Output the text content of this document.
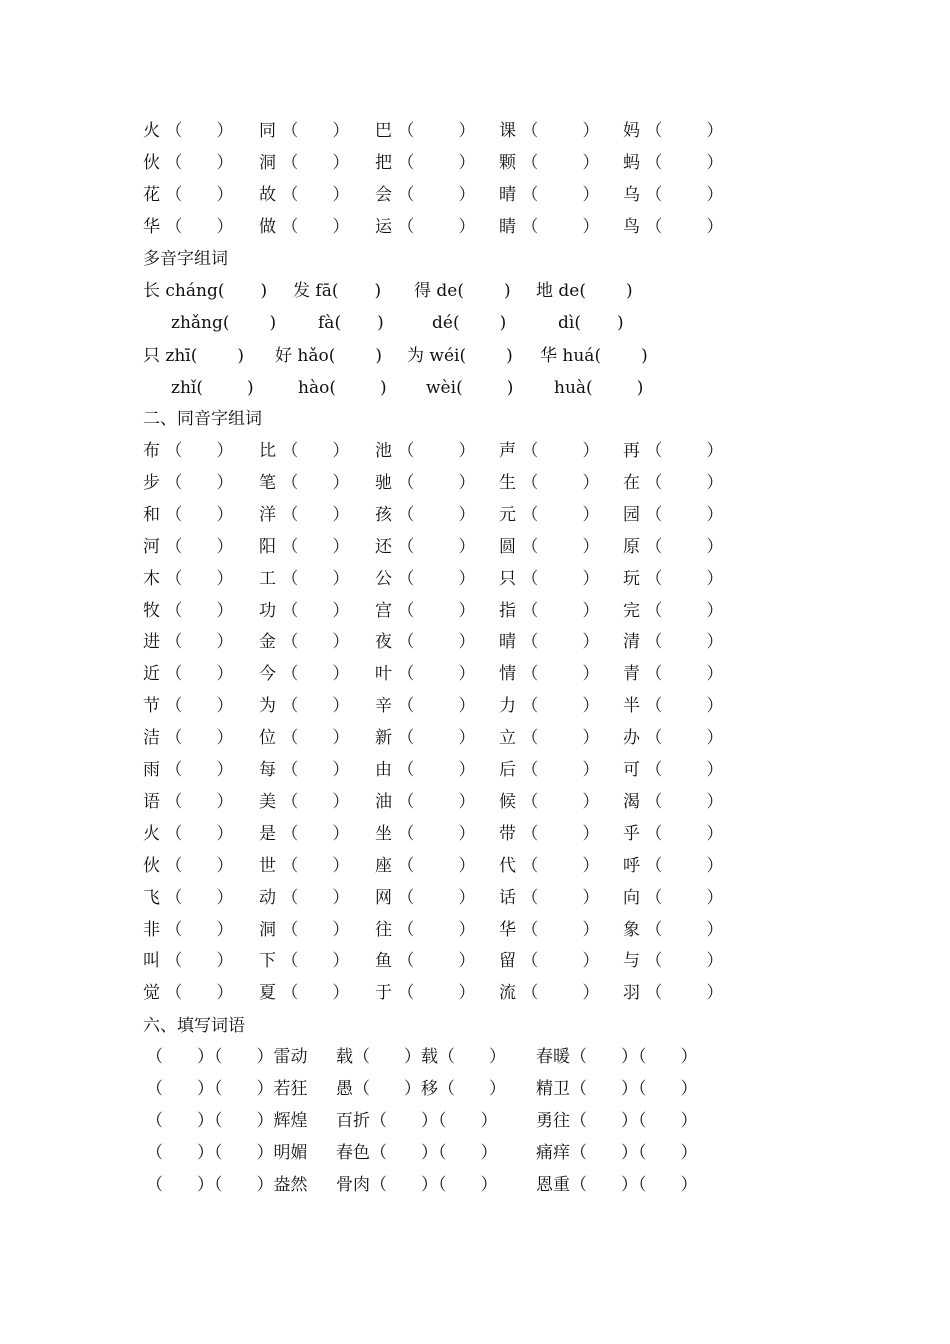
火 （ ） 同 （ ） 巴 （	） 课 （	） 妈 （	）
伙 （ ） 洞 （ ） 把 （	） 颗 （	） 蚂 （	）
花 （ ） 故 （ ） 会 （	） 晴 （	） 乌 （	）
华 （ ） 做 （ ） 运 （	） 睛 （	） 鸟 （	）
多音字组词
长 cháng( ) 发 fā( ) 得 de( ) 地 de( )
zhǎng( ) fà( )	dé( )	dì( )
只 zhī( ) 好 hǎo( ) 为 wéi( ) 华 huá( )
zhǐ(	)	hào(	) wèi(	) huà(	)
二、同音字组词
布 （ ） 比 （ ） 池 （	） 声 （	） 再 （	）
步 （ ） 笔 （ ） 驰 （	） 生 （	） 在 （	）
和 （ ） 洋 （ ） 孩 （	） 元 （	） 园 （	）
河 （ ） 阳 （ ） 还 （	） 圆 （	） 原 （	）
木 （ ） 工 （ ） 公 （	） 只 （	） 玩 （	）
牧 （ ） 功 （ ） 宫 （	） 指 （	） 完 （	）
进 （ ） 金 （ ） 夜 （	） 晴 （	） 清 （	）
近 （ ） 今 （ ） 叶 （	） 情 （	） 青 （	）
节 （ ） 为 （ ） 辛 （	） 力 （	） 半 （	）
洁 （ ） 位 （ ） 新 （	） 立 （	） 办 （	）
雨 （ ） 每 （ ） 由 （	） 后 （	） 可 （	）
语 （ ） 美 （ ） 油 （	） 候 （	） 渴 （	）
火 （ ） 是 （ ） 坐 （	） 带 （	） 乎 （	）
伙 （ ） 世 （ ） 座 （	） 代 （	） 呼 （	）
飞 （ ） 动 （ ） 网 （	） 话 （	） 向 （	）
非 （ ） 洞 （ ） 往 （	） 华 （	） 象 （	）
叫 （ ） 下 （ ） 鱼 （	） 留 （	） 与 （	）
觉 （ ） 夏 （ ） 于 （	） 流 （	） 羽 （	）
六、填写词语
（　　）（　　）雷动 载（　　）载（　　） 春暖（　　）（　　）
（　　）（　　）若狂 愚（　　）移（　　） 精卫（　　）（　　）
（　　）（　　）辉煌 百折（　　）（　　） 勇往（　　）（　　）
（　　）（　　）明媚 春色（　　）（　　） 痛痒（　　）（　　）
（　　）（　　）盎然 骨肉（　　）（　　） 恩重（　　）（　　）
